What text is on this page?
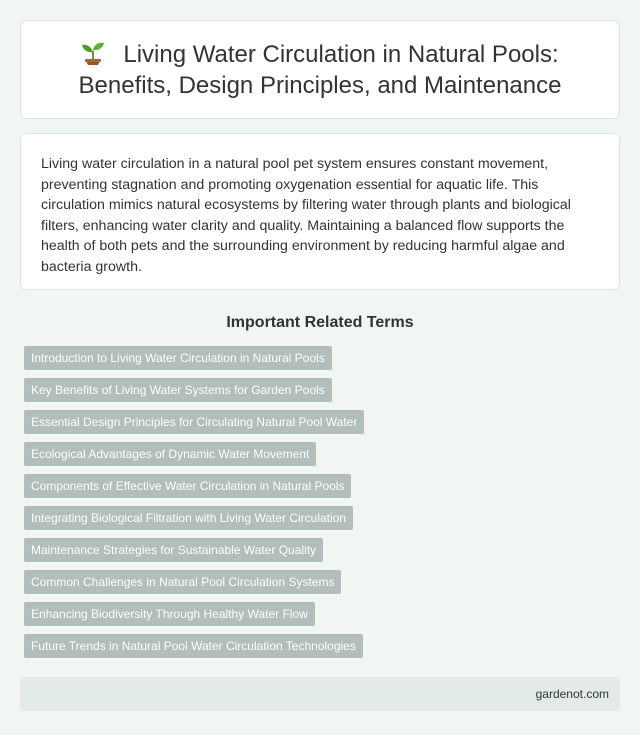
Living Water Circulation in Natural Pools: Benefits, Design Principles, and Maintenance

Living water circulation in a natural pool pet system ensures constant movement, preventing stagnation and promoting oxygenation essential for aquatic life. This circulation mimics natural ecosystems by filtering water through plants and biological filters, enhancing water clarity and quality. Maintaining a balanced flow supports the health of both pets and the surrounding environment by reducing harmful algae and bacteria growth.

Important Related Terms
Introduction to Living Water Circulation in Natural Pools
Key Benefits of Living Water Systems for Garden Pools
Essential Design Principles for Circulating Natural Pool Water
Ecological Advantages of Dynamic Water Movement
Components of Effective Water Circulation in Natural Pools
Integrating Biological Filtration with Living Water Circulation
Maintenance Strategies for Sustainable Water Quality
Common Challenges in Natural Pool Circulation Systems
Enhancing Biodiversity Through Healthy Water Flow
Future Trends in Natural Pool Water Circulation Technologies
gardenot.com
